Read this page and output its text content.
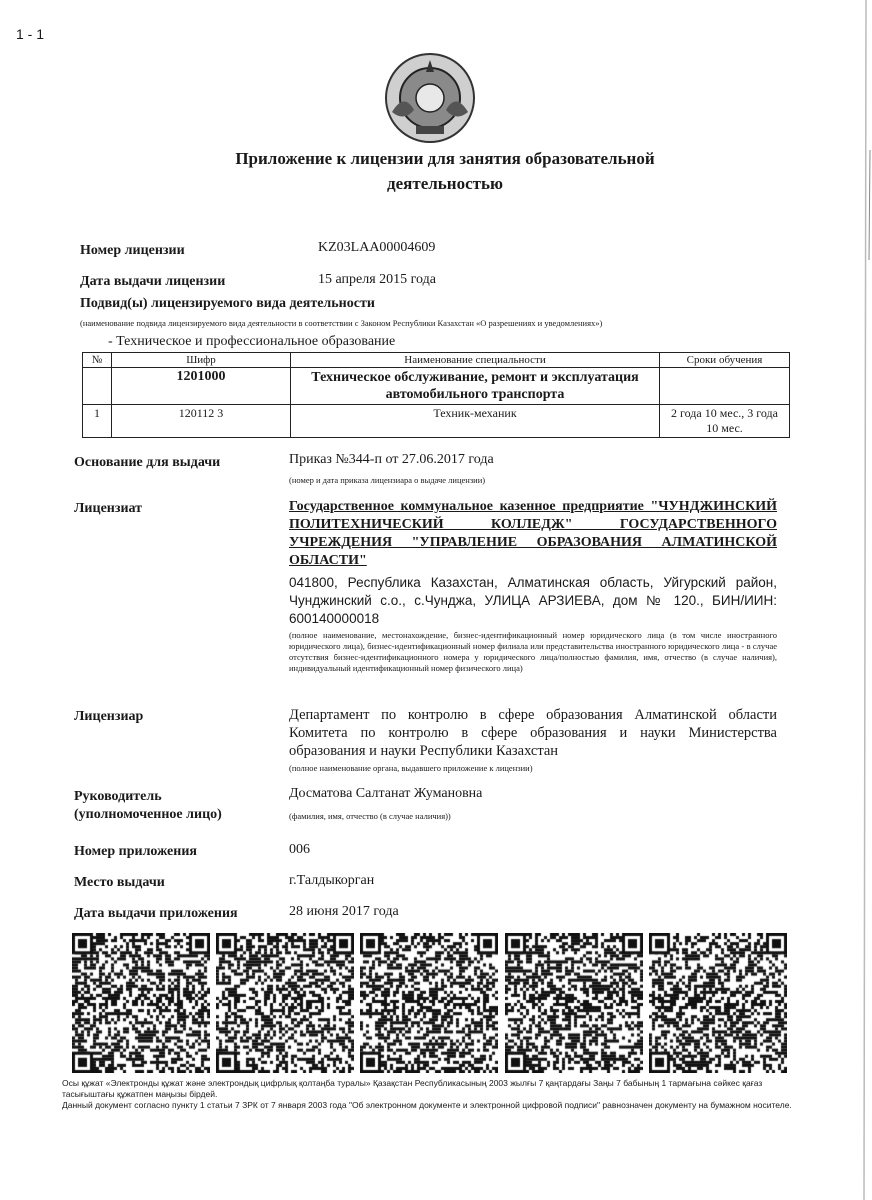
1 - 1
Приложение к лицензии для занятия образовательной деятельностью
Номер лицензии	KZ03LAA00004609
Дата выдачи лицензии	15 апреля 2015 года
Подвид(ы) лицензируемого вида деятельности
(наименование подвида лицензируемого вида деятельности в соответствии с Законом Республики Казахстан «О разрешениях и уведомлениях»)
- Техническое и профессиональное образование
№	Шифр	Наименование специальности	Сроки обучения
	1201000	Техническое обслуживание, ремонт и эксплуатация автомобильного транспорта	
1	120112 3	Техник-механик	2 года 10 мес., 3 года 10 мес.
Основание для выдачи	Приказ №344-п от 27.06.2017 года
(номер и дата приказа лицензиара о выдаче лицензии)
Лицензиат	Государственное коммунальное казенное предприятие "ЧУНДЖИНСКИЙ ПОЛИТЕХНИЧЕСКИЙ КОЛЛЕДЖ" ГОСУДАРСТВЕННОГО УЧРЕЖДЕНИЯ "УПРАВЛЕНИЕ ОБРАЗОВАНИЯ АЛМАТИНСКОЙ ОБЛАСТИ"
041800, Республика Казахстан, Алматинская область, Уйгурский район, Чунджинский с.о., с.Чунджа, УЛИЦА АРЗИЕВА, дом № 120., БИН/ИИН: 600140000018
(полное наименование, местонахождение, бизнес-идентификационный номер юридического лица (в том числе иностранного юридического лица), бизнес-идентификационный номер филиала или представительства иностранного юридического лица - в случае отсутствия бизнес-идентификационного номера у юридического лица/полностью фамилия, имя, отчество (в случае наличия), индивидуальный идентификационный номер физического лица)
Лицензиар	Департамент по контролю в сфере образования Алматинской области Комитета по контролю в сфере образования и науки Министерства образования и науки Республики Казахстан
(полное наименование органа, выдавшего приложение к лицензии)
Руководитель
(уполномоченное лицо)
Досматова Салтанат Жумановна
(фамилия, имя, отчество (в случае наличия))
Номер приложения	006
Место выдачи	г.Талдыкорган
Дата выдачи приложения	28 июня 2017 года
Осы құжат «Электронды құжат және электрондық цифрлық қолтаңба туралы» Қазақстан Республикасының 2003 жылғы 7 қаңтардағы Заңы 7 бабының 1 тармағына сәйкес қағаз тасығыштағы құжатпен маңызы бірдей.
Данный документ согласно пункту 1 статьи 7 ЗРК от 7 января 2003 года "Об электронном документе и электронной цифровой подписи" равнозначен документу на бумажном носителе.
